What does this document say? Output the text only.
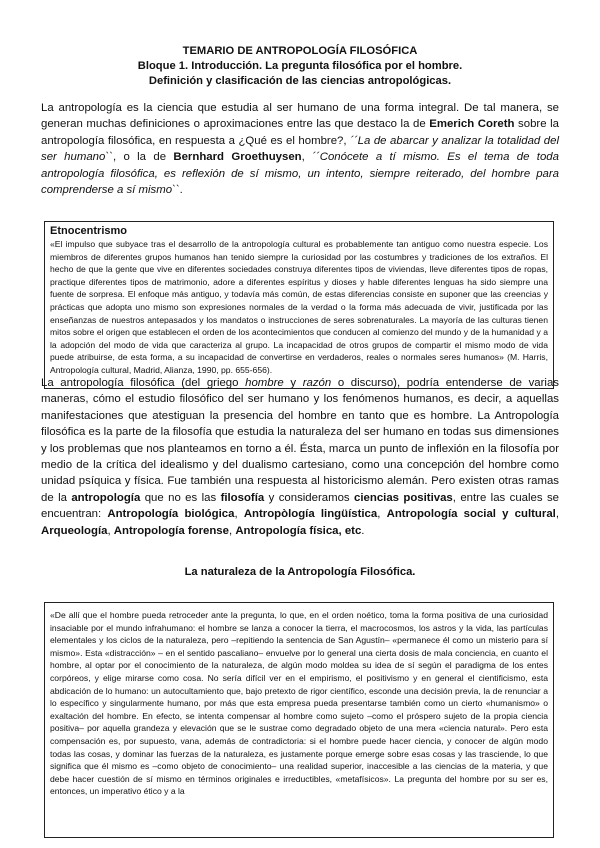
TEMARIO DE ANTROPOLOGÍA FILOSÓFICA
Bloque 1. Introducción. La pregunta filosófica por el hombre.
Definición y clasificación de las ciencias antropológicas.

La antropología es la ciencia que estudia al ser humano de una forma integral. De tal manera, se generan muchas definiciones o aproximaciones entre las que destaco la de Emerich Coreth sobre la antropología filosófica, en respuesta a ¿Qué es el hombre?, ´´La de abarcar y analizar la totalidad del ser humano``, o la de Bernhard Groethuysen, ´´Conócete a tí mismo. Es el tema de toda antropología filosófica, es reflexión de sí mismo, un intento, siempre reiterado, del hombre para comprenderse a sí mismo``.

Etnocentrismo
«El impulso que subyace tras el desarrollo de la antropología cultural es probablemente tan antiguo como nuestra especie. Los miembros de diferentes grupos humanos han tenido siempre la curiosidad por las costumbres y tradiciones de los extraños. El hecho de que la gente que vive en diferentes sociedades construya diferentes tipos de viviendas, lleve diferentes tipos de ropas, practique diferentes tipos de matrimonio, adore a diferentes espíritus y dioses y hable diferentes lenguas ha sido siempre una fuente de sorpresa. El enfoque más antiguo, y todavía más común, de estas diferencias consiste en suponer que las creencias y prácticas que adopta uno mismo son expresiones normales de la verdad o la forma más adecuada de vivir, justificada por las enseñanzas de nuestros antepasados y los mandatos o instrucciones de seres sobrenaturales. La mayoría de las culturas tienen mitos sobre el origen que establecen el orden de los acontecimientos que conducen al comienzo del mundo y de la humanidad y a la adopción del modo de vida que caracteriza al grupo. La incapacidad de otros grupos de compartir el mismo modo de vida puede atribuirse, de esta forma, a su incapacidad de convertirse en verdaderos, reales o normales seres humanos» (M. Harris, Antropología cultural, Madrid, Alianza, 1990, pp. 655-656).

La antropología filosófica (del griego hombre y razón o discurso), podría entenderse de varias maneras, cómo el estudio filosófico del ser humano y los fenómenos humanos, es decir, a aquellas manifestaciones que atestiguan la presencia del hombre en tanto que es hombre. La Antropología filosófica es la parte de la filosofía que estudia la naturaleza del ser humano en todas sus dimensiones y los problemas que nos planteamos en torno a él. Ésta, marca un punto de inflexión en la filosofía por medio de la crítica del idealismo y del dualismo cartesiano, como una concepción del hombre como unidad psíquica y física. Fue también una respuesta al historicismo alemán. Pero existen otras ramas de la antropología que no es las filosofía y consideramos ciencias positivas, entre las cuales se encuentran: Antropología biológica, Antropòlogía lingüística, Antropología social y cultural, Arqueología, Antropología forense, Antropología física, etc.

La naturaleza de la Antropología Filosófica.
«De allí que el hombre pueda retroceder ante la pregunta, lo que, en el orden noético, toma la forma positiva de una curiosidad insaciable por el mundo infrahumano: el hombre se lanza a conocer la tierra, el macrocosmos, los astros y la vida, las partículas elementales y los ciclos de la naturaleza, pero –repitiendo la sentencia de San Agustín– «permanece él como un misterio para sí mismo». Esta «distracción» – en el sentido pascaliano– envuelve por lo general una cierta dosis de mala conciencia, en cuanto el hombre, al optar por el conocimiento de la naturaleza, de algún modo moldea su idea de sí según el paradigma de los entes corpóreos, y elige mirarse como cosa. No sería difícil ver en el empirismo, el positivismo y en general el cientificismo, esta abdicación de lo humano: un autocultamiento que, bajo pretexto de rigor científico, esconde una decisión previa, la de renunciar a lo específico y singularmente humano, por más que esta empresa pueda presentarse también como un cierto «humanismo» o exaltación del hombre. En efecto, se intenta compensar al hombre como sujeto –como el próspero sujeto de la propia ciencia positiva– por aquella grandeza y elevación que se le sustrae como degradado objeto de una mera «ciencia natural». Pero esta compensación es, por supuesto, vana, además de contradictoria: si el hombre puede hacer ciencia, y conocer de algún modo todas las cosas, y dominar las fuerzas de la naturaleza, es justamente porque emerge sobre esas cosas y las trasciende, lo que significa que él mismo es –como objeto de conocimiento– una realidad superior, inaccesible a las ciencias de la materia, y que debe hacer cuestión de sí mismo en términos originales e irreductibles, «metafísicos». La pregunta del hombre por su ser es, entonces, un imperativo ético y a la
